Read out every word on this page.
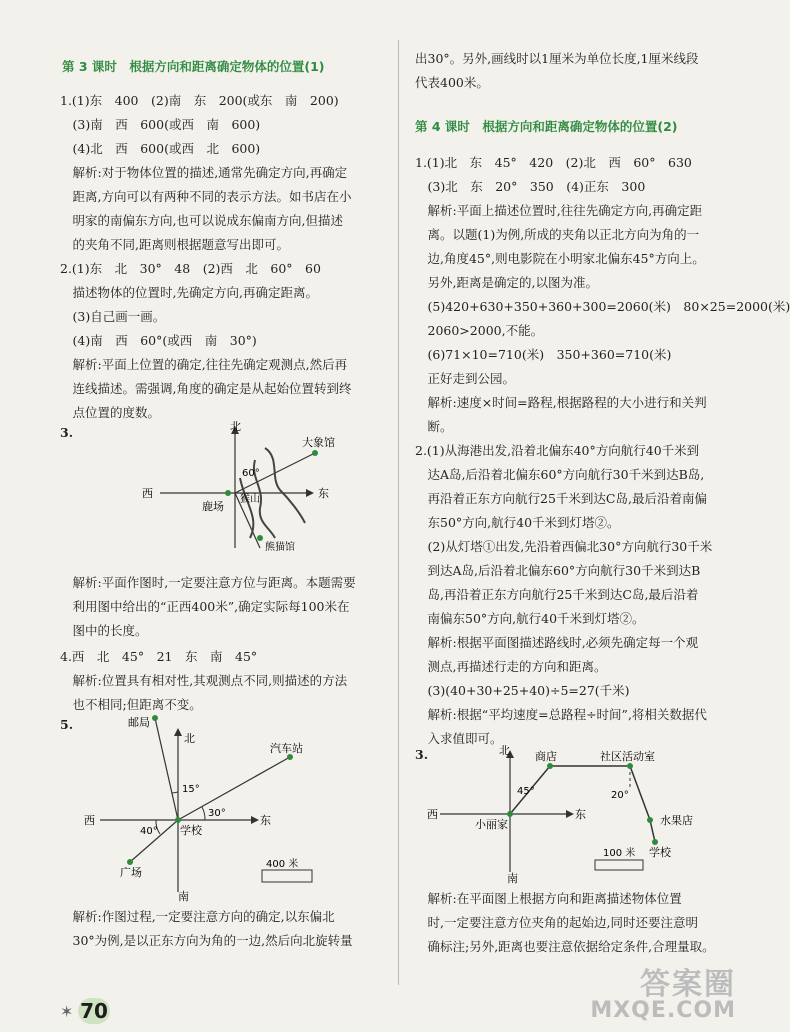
第 3 课时　根据方向和距离确定物体的位置(1)
1.(1)东　400　(2)南　东　200(或东　南　200)
　(3)南　西　600(或西　南　600)
　(4)北　西　600(或西　北　600)
　解析:对于物体位置的描述,通常先确定方向,再确定
　距离,方向可以有两种不同的表示方法。如书店在小
　明家的南偏东方向,也可以说成东偏南方向,但描述
　的夹角不同,距离则根据题意写出即可。
2.(1)东　北　30°　48　(2)西　北　60°　60
　描述物体的位置时,先确定方向,再确定距离。
　(3)自己画一画。
　(4)南　西　60°(或西　南　30°)
　解析:平面上位置的确定,往往先确定观测点,然后再
　连线描述。需强调,角度的确定是从起始位置转到终
　点位置的度数。
3.	北
西	东
大象馆
60°
猴山
鹿场
熊猫馆
　解析:平面作图时,一定要注意方位与距离。本题需要
　利用图中给出的“正西400米”,确定实际每100米在
　图中的长度。
4.西　北　45°　21　东　南　45°
　解析:位置具有相对性,其观测点不同,则描述的方法
　也不相同;但距离不变。
5.	邮局
北
南
西	东
汽车站
学校
广场
15°
30°
40°
400 米
　解析:作图过程,一定要注意方向的确定,以东偏北
　30°为例,是以正东方向为角的一边,然后向北旋转量
出30°。另外,画线时以1厘米为单位长度,1厘米线段
代表400米。
第 4 课时　根据方向和距离确定物体的位置(2)
1.(1)北　东　45°　420　(2)北　西　60°　630
　(3)北　东　20°　350　(4)正东　300
　解析:平面上描述位置时,往往先确定方向,再确定距
　离。以题(1)为例,所成的夹角以正北方向为角的一
　边,角度45°,则电影院在小明家北偏东45°方向上。
　另外,距离是确定的,以图为准。
　(5)420+630+350+360+300=2060(米)　80×25=2000(米)
　2060>2000,不能。
　(6)71×10=710(米)　350+360=710(米)
　正好走到公园。
　解析:速度×时间=路程,根据路程的大小进行和关判
　断。
2.(1)从海港出发,沿着北偏东40°方向航行40千米到
　达A岛,后沿着北偏东60°方向航行30千米到达B岛,
　再沿着正东方向航行25千米到达C岛,最后沿着南偏
　东50°方向,航行40千米到灯塔②。
　(2)从灯塔①出发,先沿着西偏北30°方向航行30千米
　到达A岛,后沿着北偏东60°方向航行30千米到达B
　岛,再沿着正东方向航行25千米到达C岛,最后沿着
　南偏东50°方向,航行40千米到灯塔②。
　解析:根据平面图描述路线时,必须先确定每一个观
　测点,再描述行走的方向和距离。
　(3)(40+30+25+40)÷5=27(千米)
　解析:根据“平均速度=总路程÷时间”,将相关数据代
　入求值即可。
3.	北
南
西	东
商店	社区活动室
小丽家	水果店
学校
45°	20°
100 米
　解析:在平面图上根据方向和距离描述物体位置
　时,一定要注意方位夹角的起始边,同时还要注意明
　确标注;另外,距离也要注意依据给定条件,合理量取。
✶ 70
答案圈
MXQE.COM
